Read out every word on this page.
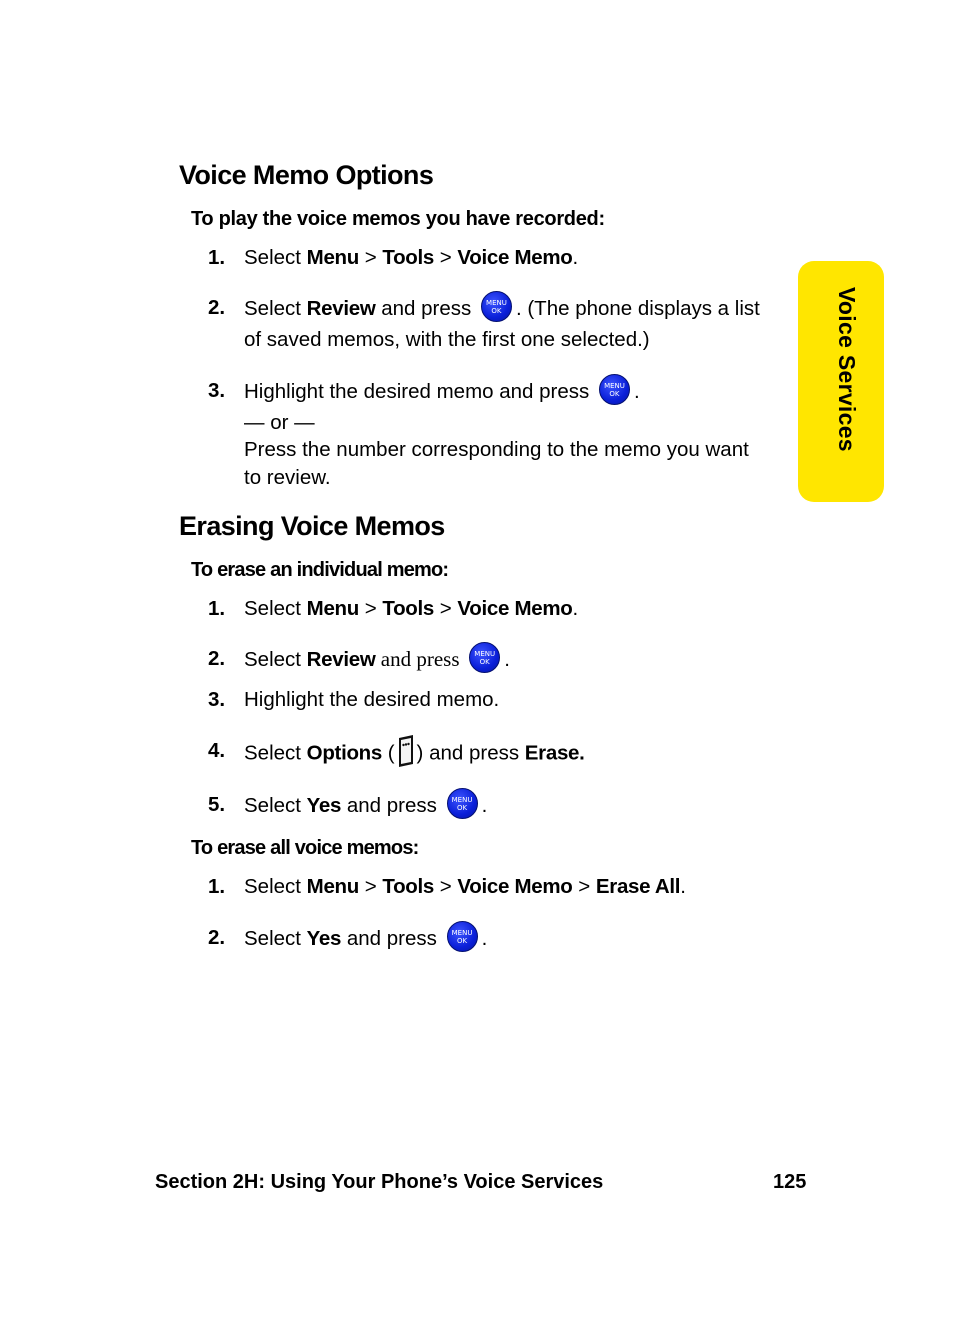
Voice Services
Voice Memo Options

To play the voice memos you have recorded:

1. Select Menu > Tools > Voice Memo.
2. Select Review and press MENU
OK . (The phone displays a list
of saved memos, with the first one selected.)
3. Highlight the desired memo and press MENU
OK .
— or —
Press the number corresponding to the memo you want
to review.
Erasing Voice Memos

To erase an individual memo:

1. Select Menu > Tools > Voice Memo.
2. Select Review and press MENU
OK .
3. Highlight the desired memo.
4. Select Options ( ) and press Erase.
5. Select Yes and press MENU
OK .

To erase all voice memos:

1. Select Menu > Tools > Voice Memo > Erase All.
2. Select Yes and press MENU
OK .
Section 2H: Using Your Phone’s Voice Services	125
